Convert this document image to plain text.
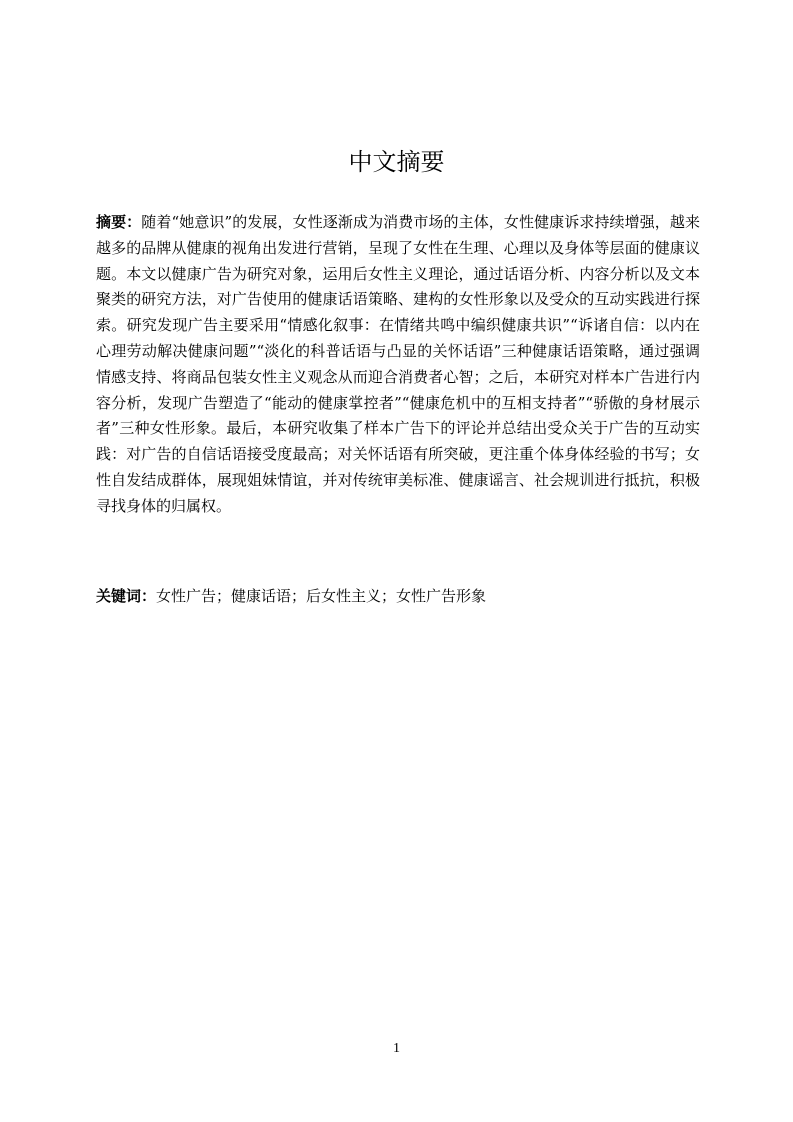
中文摘要
摘要：随着“她意识”的发展，女性逐渐成为消费市场的主体，女性健康诉求持续增强，越来越多的品牌从健康的视角出发进行营销，呈现了女性在生理、心理以及身体等层面的健康议题。本文以健康广告为研究对象，运用后女性主义理论，通过话语分析、内容分析以及文本聚类的研究方法，对广告使用的健康话语策略、建构的女性形象以及受众的互动实践进行探索。研究发现广告主要采用“情感化叙事：在情绪共鸣中编织健康共识”“诉诸自信：以内在心理劳动解决健康问题”“淡化的科普话语与凸显的关怀话语”三种健康话语策略，通过强调情感支持、将商品包装女性主义观念从而迎合消费者心智；之后，本研究对样本广告进行内容分析，发现广告塑造了“能动的健康掌控者”“健康危机中的互相支持者”“骄傲的身材展示者”三种女性形象。最后，本研究收集了样本广告下的评论并总结出受众关于广告的互动实践：对广告的自信话语接受度最高；对关怀话语有所突破，更注重个体身体经验的书写；女性自发结成群体，展现姐妹情谊，并对传统审美标准、健康谣言、社会规训进行抵抗，积极寻找身体的归属权。
关键词：女性广告；健康话语；后女性主义；女性广告形象
1
